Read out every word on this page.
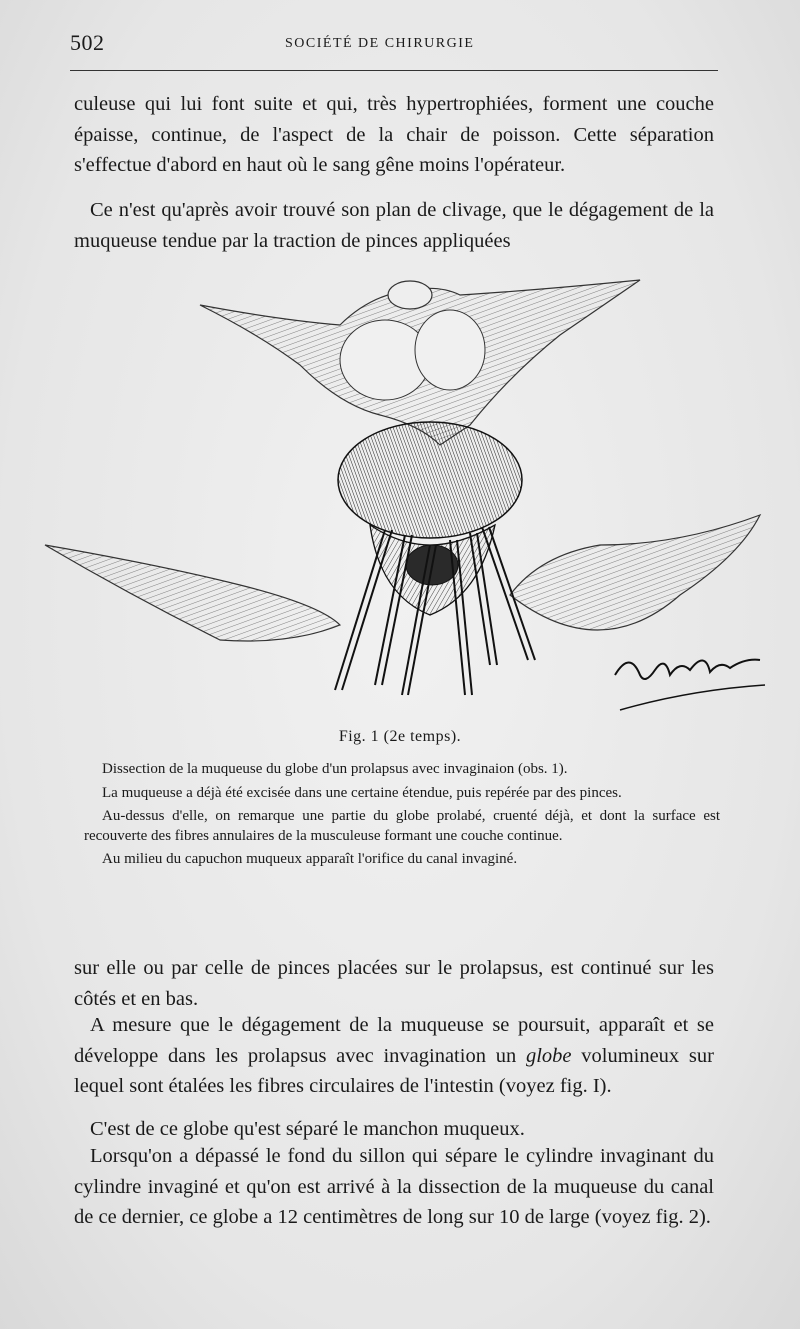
502	SOCIÉTÉ DE CHIRURGIE
culeuse qui lui font suite et qui, très hypertrophiées, forment une couche épaisse, continue, de l'aspect de la chair de poisson. Cette séparation s'effectue d'abord en haut où le sang gêne moins l'opérateur.
Ce n'est qu'après avoir trouvé son plan de clivage, que le dégagement de la muqueuse tendue par la traction de pinces appliquées
Fig. 1 (2e temps).

Dissection de la muqueuse du globe d'un prolapsus avec invaginaion (obs. 1).

La muqueuse a déjà été excisée dans une certaine étendue, puis repérée par des pinces.

Au-dessus d'elle, on remarque une partie du globe prolabé, cruenté déjà, et dont la surface est recouverte des fibres annulaires de la musculeuse formant une couche continue.

Au milieu du capuchon muqueux apparaît l'orifice du canal invaginé.

sur elle ou par celle de pinces placées sur le prolapsus, est continué sur les côtés et en bas.
A mesure que le dégagement de la muqueuse se poursuit, apparaît et se développe dans les prolapsus avec invagination un globe volumineux sur lequel sont étalées les fibres circulaires de l'intestin (voyez fig. I).
C'est de ce globe qu'est séparé le manchon muqueux.
Lorsqu'on a dépassé le fond du sillon qui sépare le cylindre invaginant du cylindre invaginé et qu'on est arrivé à la dissection de la muqueuse du canal de ce dernier, ce globe a 12 centimètres de long sur 10 de large (voyez fig. 2).
